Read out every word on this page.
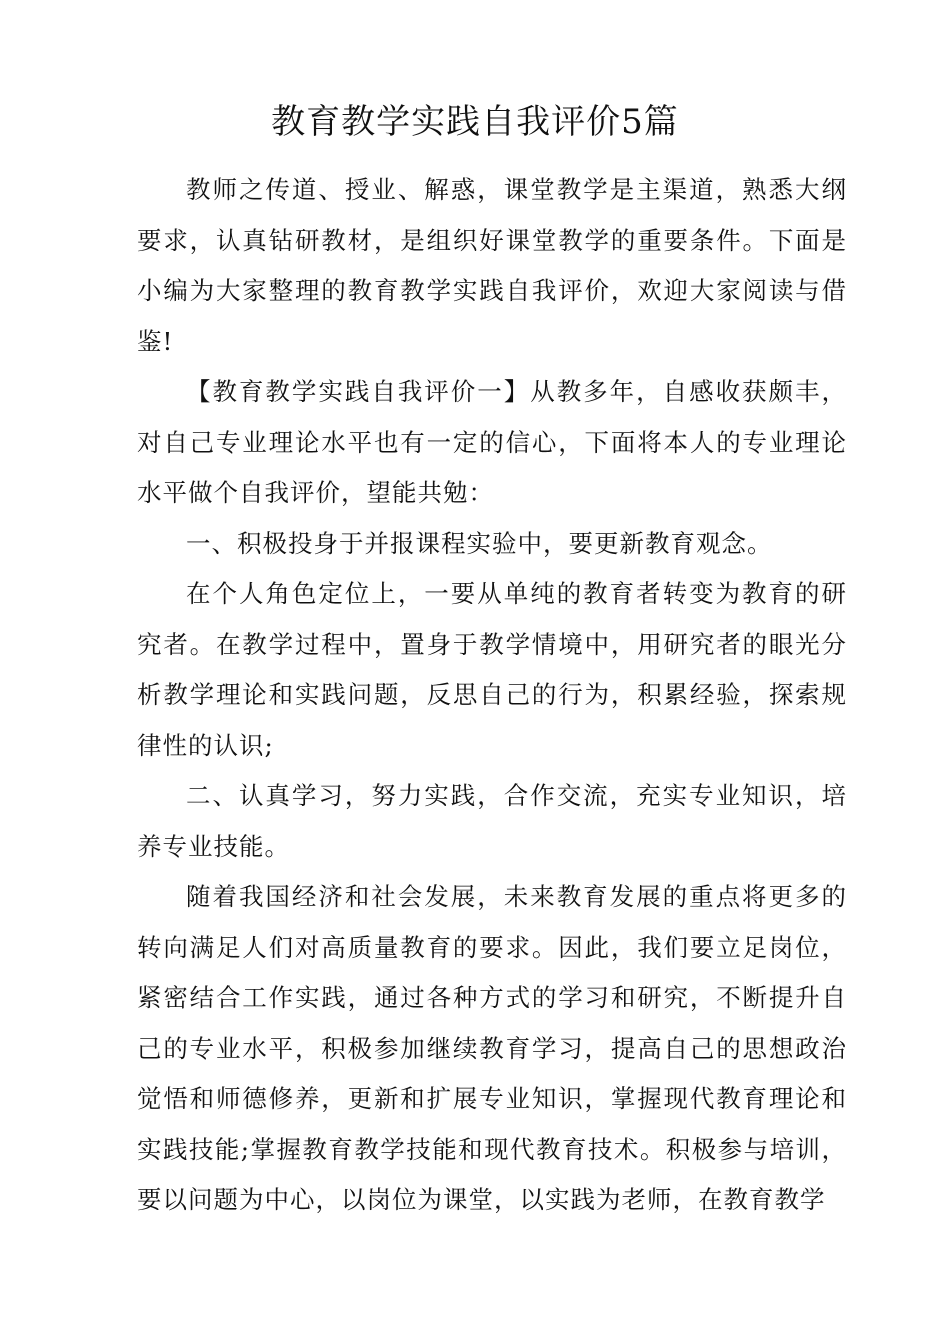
教育教学实践自我评价5篇

教师之传道、授业、解惑，课堂教学是主渠道，熟悉大纲要求，认真钻研教材，是组织好课堂教学的重要条件。下面是小编为大家整理的教育教学实践自我评价，欢迎大家阅读与借鉴!

【教育教学实践自我评价一】从教多年，自感收获颇丰，对自己专业理论水平也有一定的信心，下面将本人的专业理论水平做个自我评价，望能共勉：

一、积极投身于并报课程实验中，要更新教育观念。

在个人角色定位上，一要从单纯的教育者转变为教育的研究者。在教学过程中，置身于教学情境中，用研究者的眼光分析教学理论和实践问题，反思自己的行为，积累经验，探索规律性的认识;

二、认真学习，努力实践，合作交流，充实专业知识，培养专业技能。

随着我国经济和社会发展，未来教育发展的重点将更多的转向满足人们对高质量教育的要求。因此，我们要立足岗位，紧密结合工作实践，通过各种方式的学习和研究，不断提升自己的专业水平，积极参加继续教育学习，提高自己的思想政治觉悟和师德修养，更新和扩展专业知识，掌握现代教育理论和实践技能;掌握教育教学技能和现代教育技术。积极参与培训，要以问题为中心，以岗位为课堂，以实践为老师，在教育教学
